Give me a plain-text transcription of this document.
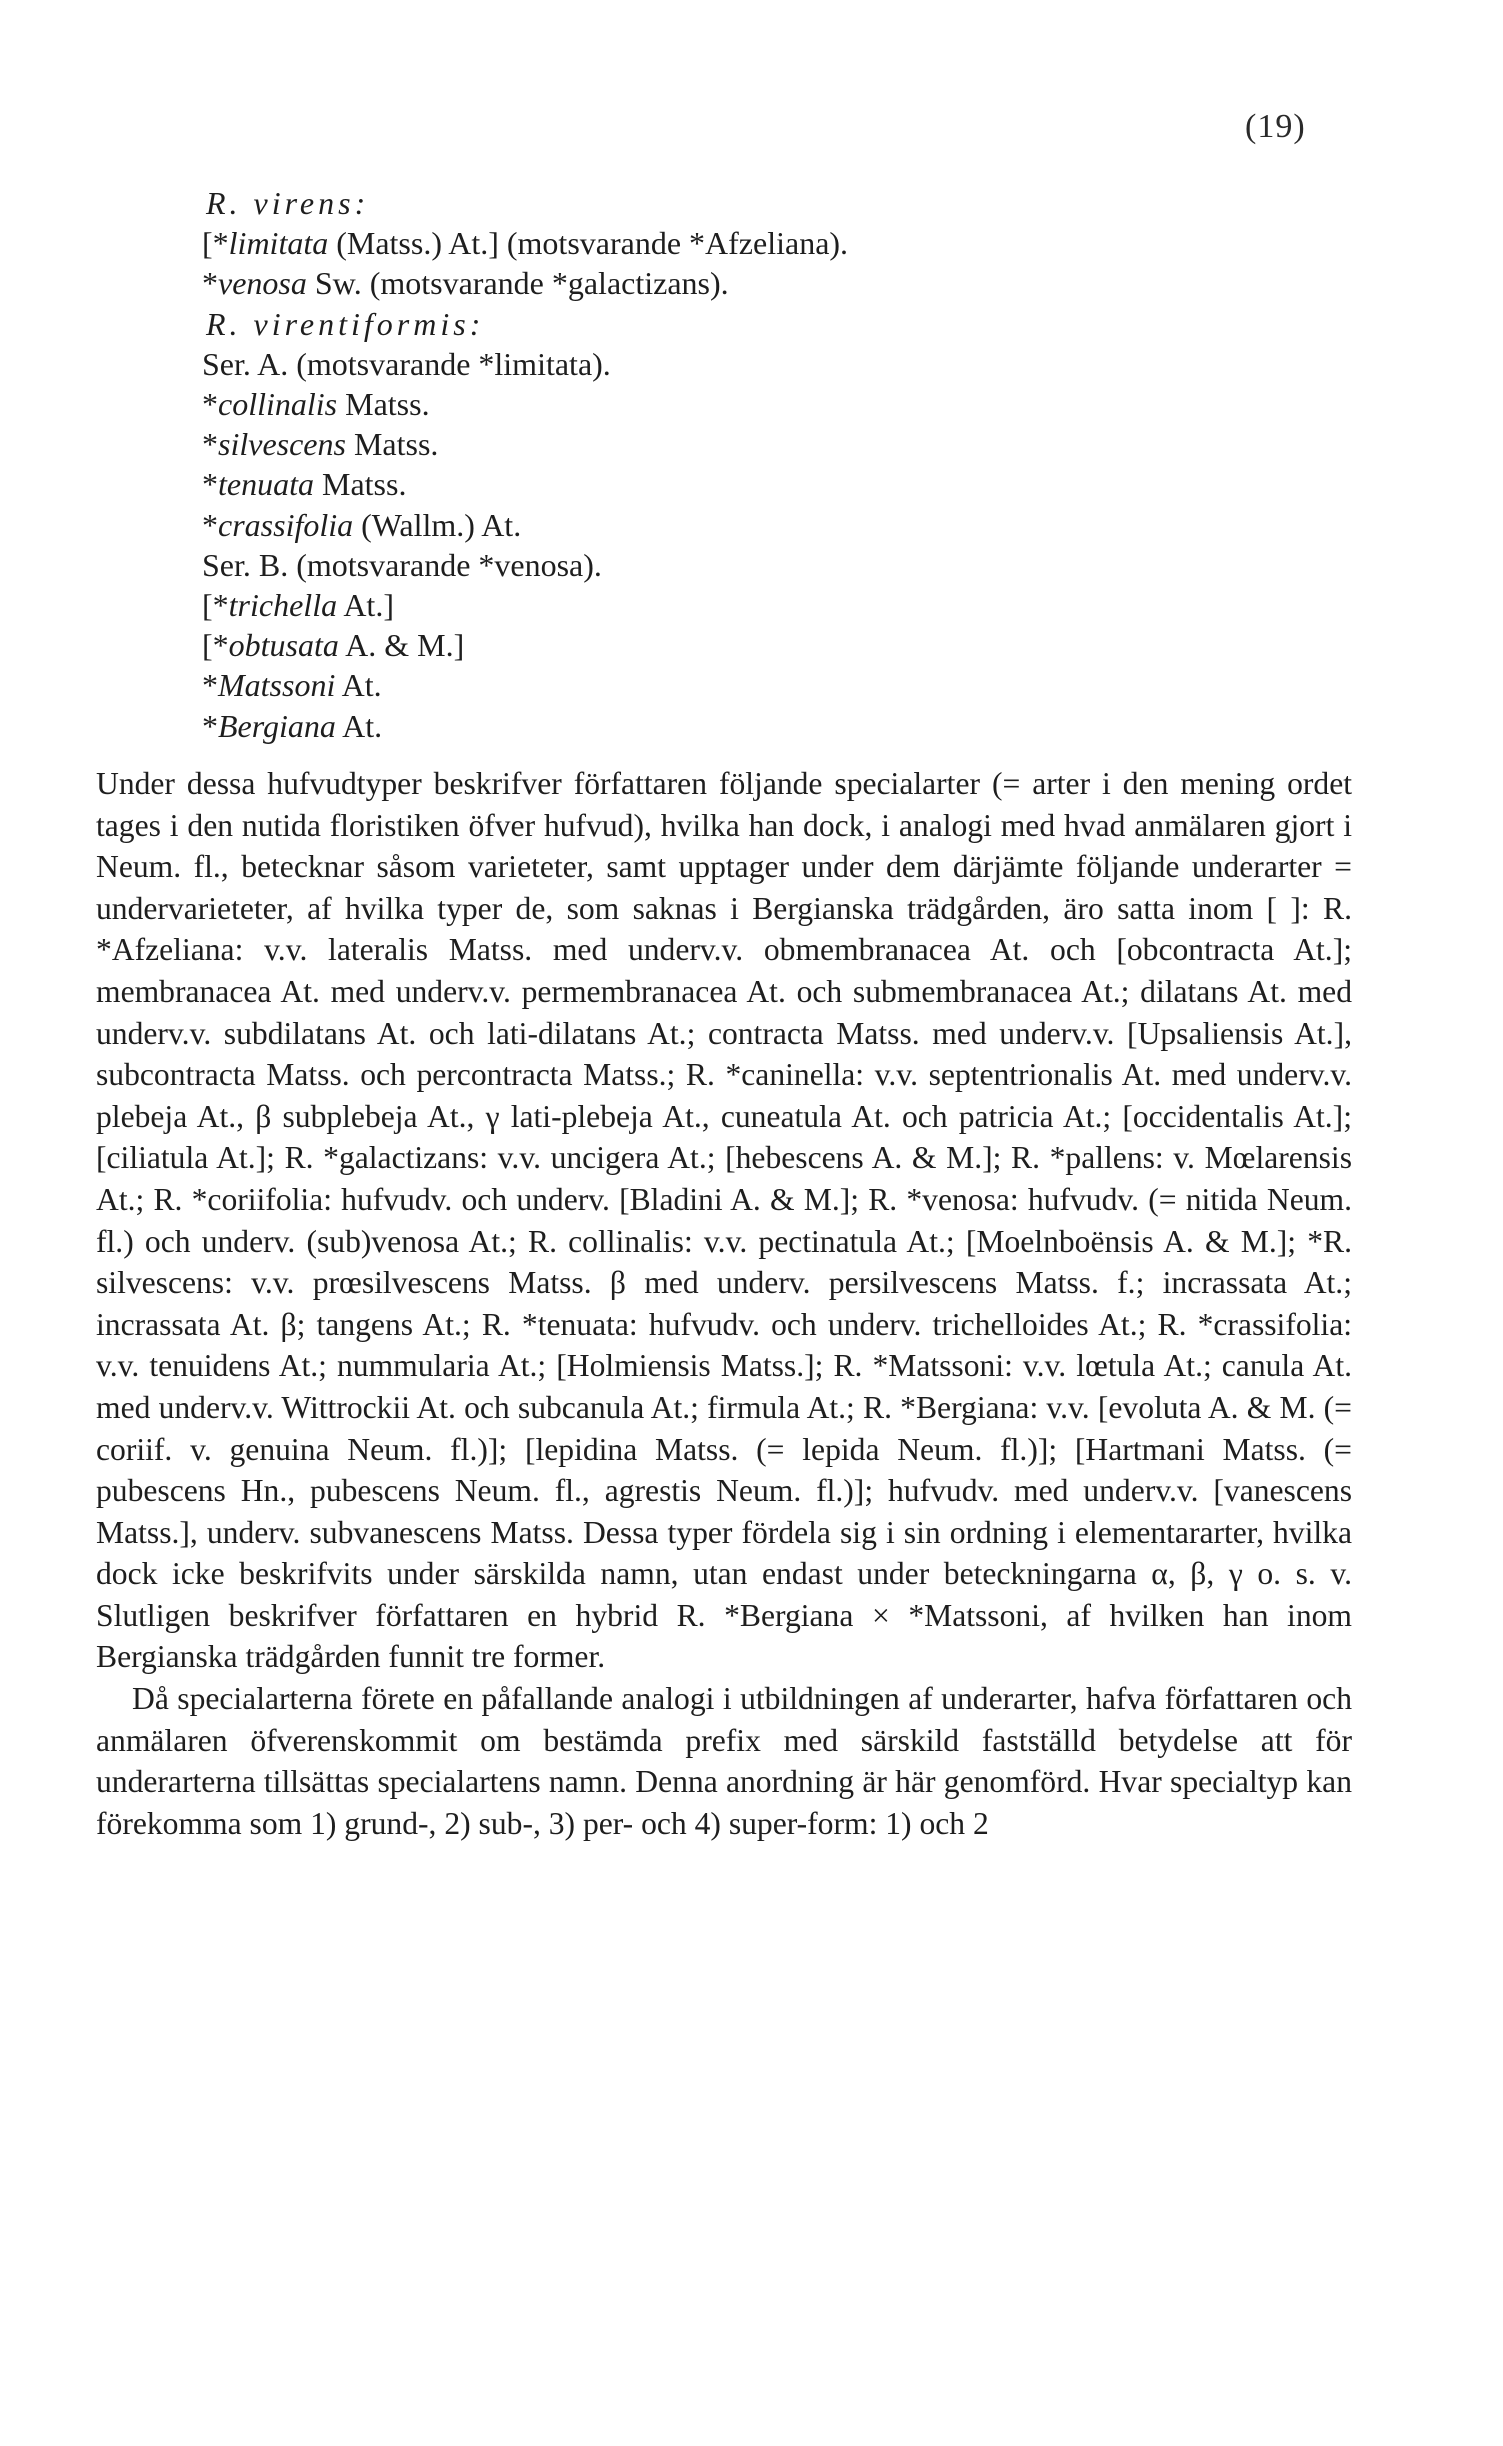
(19)
R. virens:
[*limitata (Matss.) At.] (motsvarande *Afzeliana).
*venosa Sw. (motsvarande *galactizans).
R. virentiformis:
Ser. A. (motsvarande *limitata).
*collinalis Matss.
*silvescens Matss.
*tenuata Matss.
*crassifolia (Wallm.) At.
Ser. B. (motsvarande *venosa).
[*trichella At.]
[*obtusata A. & M.]
*Matssoni At.
*Bergiana At.

Under dessa hufvudtyper beskrifver författaren följande specialarter (= arter i den mening ordet tages i den nutida floristiken öfver hufvud), hvilka han dock, i analogi med hvad anmälaren gjort i Neum. fl., betecknar såsom varieteter, samt upptager under dem därjämte följande underarter = undervarieteter, af hvilka typer de, som saknas i Bergianska trädgården, äro satta inom [ ]: R. *Afzeliana: v.v. lateralis Matss. med underv.v. obmembranacea At. och [obcontracta At.]; membranacea At. med underv.v. permembranacea At. och submembranacea At.; dilatans At. med underv.v. subdilatans At. och lati-dilatans At.; contracta Matss. med underv.v. [Upsaliensis At.], subcontracta Matss. och percontracta Matss.; R. *caninella: v.v. septentrionalis At. med underv.v. plebeja At., β subplebeja At., γ lati-plebeja At., cuneatula At. och patricia At.; [occidentalis At.]; [ciliatula At.]; R. *galactizans: v.v. uncigera At.; [hebescens A. & M.]; R. *pallens: v. Mœlarensis At.; R. *coriifolia: hufvudv. och underv. [Bladini A. & M.]; R. *venosa: hufvudv. (= nitida Neum. fl.) och underv. (sub)venosa At.; R. collinalis: v.v. pectinatula At.; [Moelnboënsis A. & M.]; *R. silvescens: v.v. prœsilvescens Matss. β med underv. persilvescens Matss. f.; incrassata At.; incrassata At. β; tangens At.; R. *tenuata: hufvudv. och underv. trichelloides At.; R. *crassifolia: v.v. tenuidens At.; nummularia At.; [Holmiensis Matss.]; R. *Matssoni: v.v. lœtula At.; canula At. med underv.v. Wittrockii At. och subcanula At.; firmula At.; R. *Bergiana: v.v. [evoluta A. & M. (= coriif. v. genuina Neum. fl.)]; [lepidina Matss. (= lepida Neum. fl.)]; [Hartmani Matss. (= pubescens Hn., pubescens Neum. fl., agrestis Neum. fl.)]; hufvudv. med underv.v. [vanescens Matss.], underv. subvanescens Matss. Dessa typer fördela sig i sin ordning i elementararter, hvilka dock icke beskrifvits under särskilda namn, utan endast under beteckningarna α, β, γ o. s. v. Slutligen beskrifver författaren en hybrid R. *Bergiana × *Matssoni, af hvilken han inom Bergianska trädgården funnit tre former.

Då specialarterna förete en påfallande analogi i utbildningen af underarter, hafva författaren och anmälaren öfverenskommit om bestämda prefix med särskild fastställd betydelse att för underarterna tillsättas specialartens namn. Denna anordning är här genomförd. Hvar specialtyp kan förekomma som 1) grund-, 2) sub-, 3) per- och 4) super-form: 1) och 2
